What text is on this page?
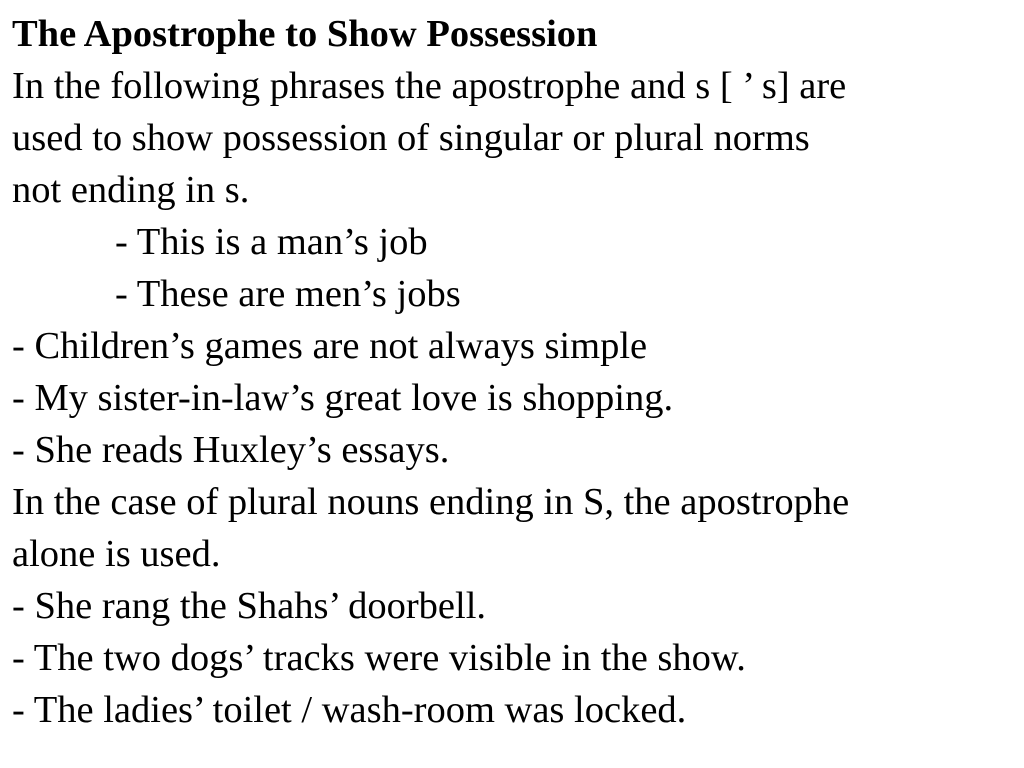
The Apostrophe to Show Possession
In the following phrases the apostrophe and s [ ’ s] are
used to show possession of singular or plural norms
not ending in s.
- This is a man’s job
- These are men’s jobs
- Children’s games are not always simple
- My sister-in-law’s great love is shopping.
- She reads Huxley’s essays.
In the case of plural nouns ending in S, the apostrophe
alone is used.
- She rang the Shahs’ doorbell.
- The two dogs’ tracks were visible in the show.
- The ladies’ toilet / wash-room was locked.
